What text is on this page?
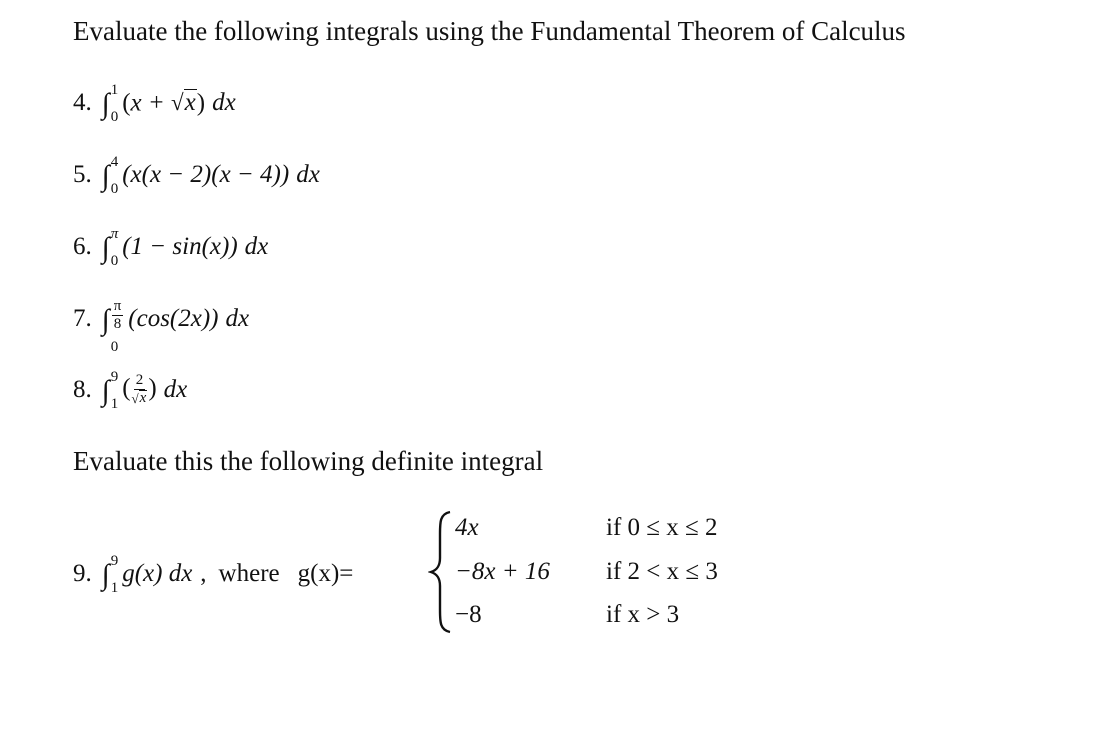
Evaluate the following integrals using the Fundamental Theorem of Calculus
4. ∫ 1
0
(x + √ x ) dx
5. ∫ 4
0
(x(x − 2)(x − 4)) dx
6. ∫ π
0
(1 − sin(x)) dx
7. ∫ $\frac{\pi}{8}$
0
(cos(2x)) dx
8. ∫ 9
1
( $\frac{2}{√ x}$ ) dx
Evaluate this the following definite integral
9. ∫ 9
1
g(x) dx , where g(x)=
4x	if 0 ≤ x ≤ 2
−8x + 16 if 2 < x ≤ 3
−8	if x > 3
